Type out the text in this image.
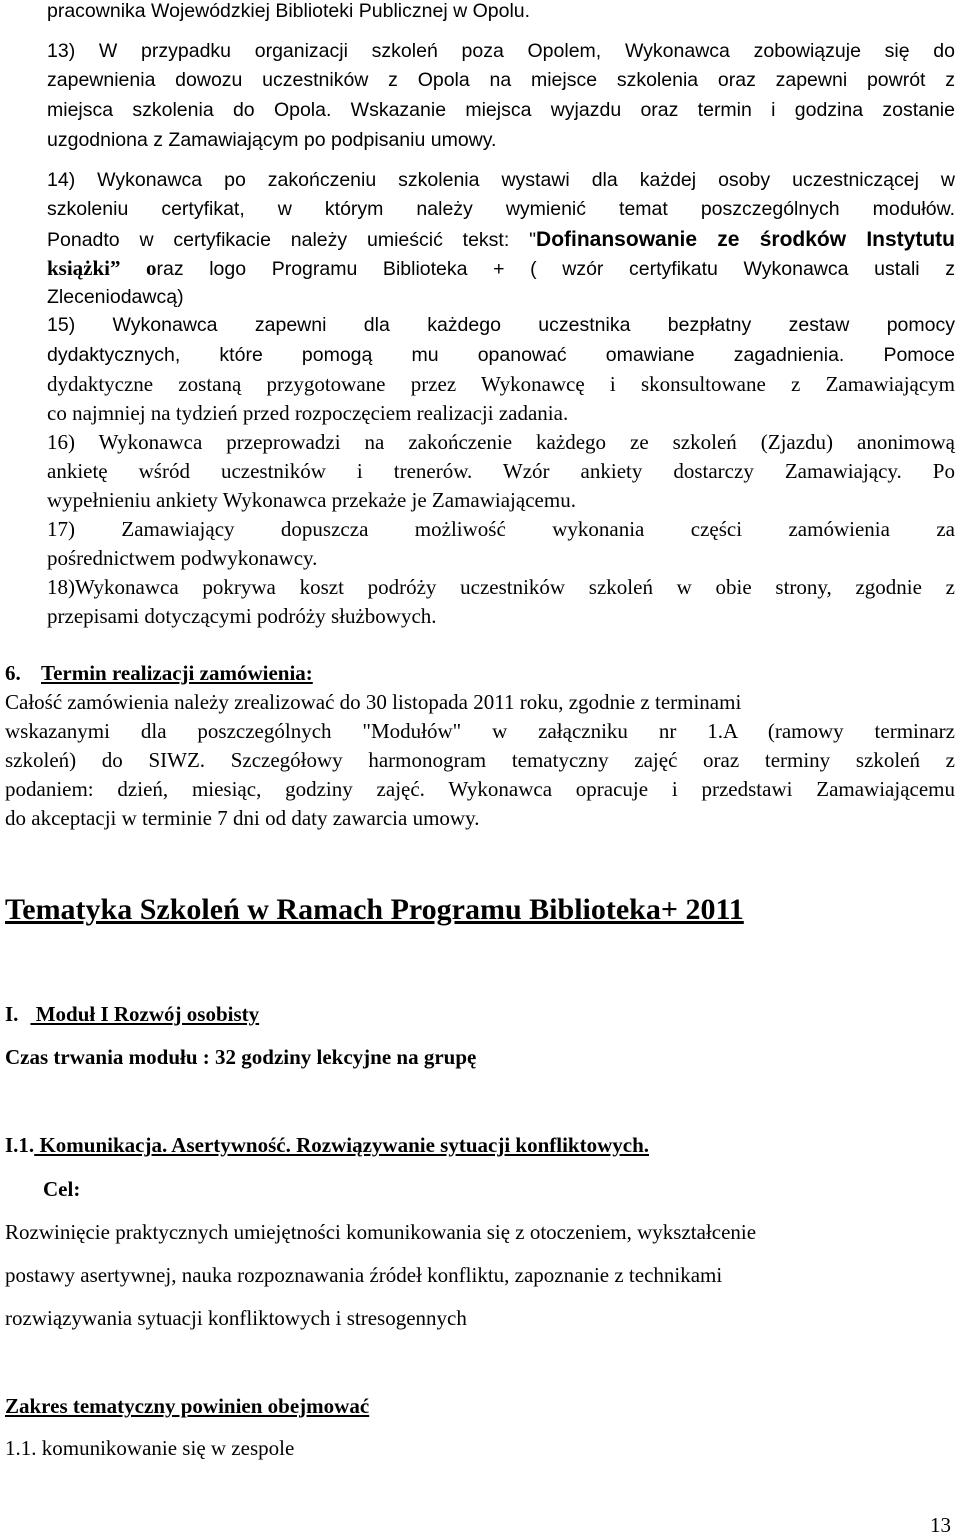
pracownika Wojewódzkiej Biblioteki Publicznej w Opolu.
13) W przypadku organizacji szkoleń poza Opolem, Wykonawca zobowiązuje się do
zapewnienia dowozu uczestników z Opola na miejsce szkolenia oraz zapewni powrót z
miejsca szkolenia do Opola. Wskazanie miejsca wyjazdu oraz termin i godzina zostanie
uzgodniona z Zamawiającym po podpisaniu umowy.
14) Wykonawca po zakończeniu szkolenia wystawi dla każdej osoby uczestniczącej w
szkoleniu certyfikat, w którym należy wymienić temat poszczególnych modułów.
Ponadto w certyfikacie należy umieścić tekst: "Dofinansowanie ze środków Instytutu
książki” oraz logo Programu Biblioteka + ( wzór certyfikatu Wykonawca ustali z
Zleceniodawcą)
15) Wykonawca zapewni dla każdego uczestnika bezpłatny zestaw pomocy
dydaktycznych, które pomogą mu opanować omawiane zagadnienia. Pomoce
dydaktyczne zostaną przygotowane przez Wykonawcę i skonsultowane z Zamawiającym
co najmniej na tydzień przed rozpoczęciem realizacji zadania.
16) Wykonawca przeprowadzi na zakończenie każdego ze szkoleń (Zjazdu) anonimową
ankietę wśród uczestników i trenerów. Wzór ankiety dostarczy Zamawiający. Po
wypełnieniu ankiety Wykonawca przekaże je Zamawiającemu.
17) Zamawiający dopuszcza możliwość wykonania części zamówienia za
pośrednictwem podwykonawcy.
18)Wykonawca pokrywa koszt podróży uczestników szkoleń w obie strony, zgodnie z
przepisami dotyczącymi podróży służbowych.
6. Termin realizacji zamówienia:
Całość zamówienia należy zrealizować do 30 listopada 2011 roku, zgodnie z terminami
wskazanymi dla poszczególnych "Modułów" w załączniku nr 1.A (ramowy terminarz
szkoleń) do SIWZ. Szczegółowy harmonogram tematyczny zajęć oraz terminy szkoleń z
podaniem: dzień, miesiąc, godziny zajęć. Wykonawca opracuje i przedstawi Zamawiającemu
do akceptacji w terminie 7 dni od daty zawarcia umowy.
Tematyka Szkoleń w Ramach Programu Biblioteka+ 2011
I. Moduł I Rozwój osobisty
Czas trwania modułu : 32 godziny lekcyjne na grupę
I.1. Komunikacja. Asertywność. Rozwiązywanie sytuacji konfliktowych.
Cel:
Rozwinięcie praktycznych umiejętności komunikowania się z otoczeniem, wykształcenie
postawy asertywnej, nauka rozpoznawania źródeł konfliktu, zapoznanie z technikami
rozwiązywania sytuacji konfliktowych i stresogennych
Zakres tematyczny powinien obejmować
1.1. komunikowanie się w zespole
13
